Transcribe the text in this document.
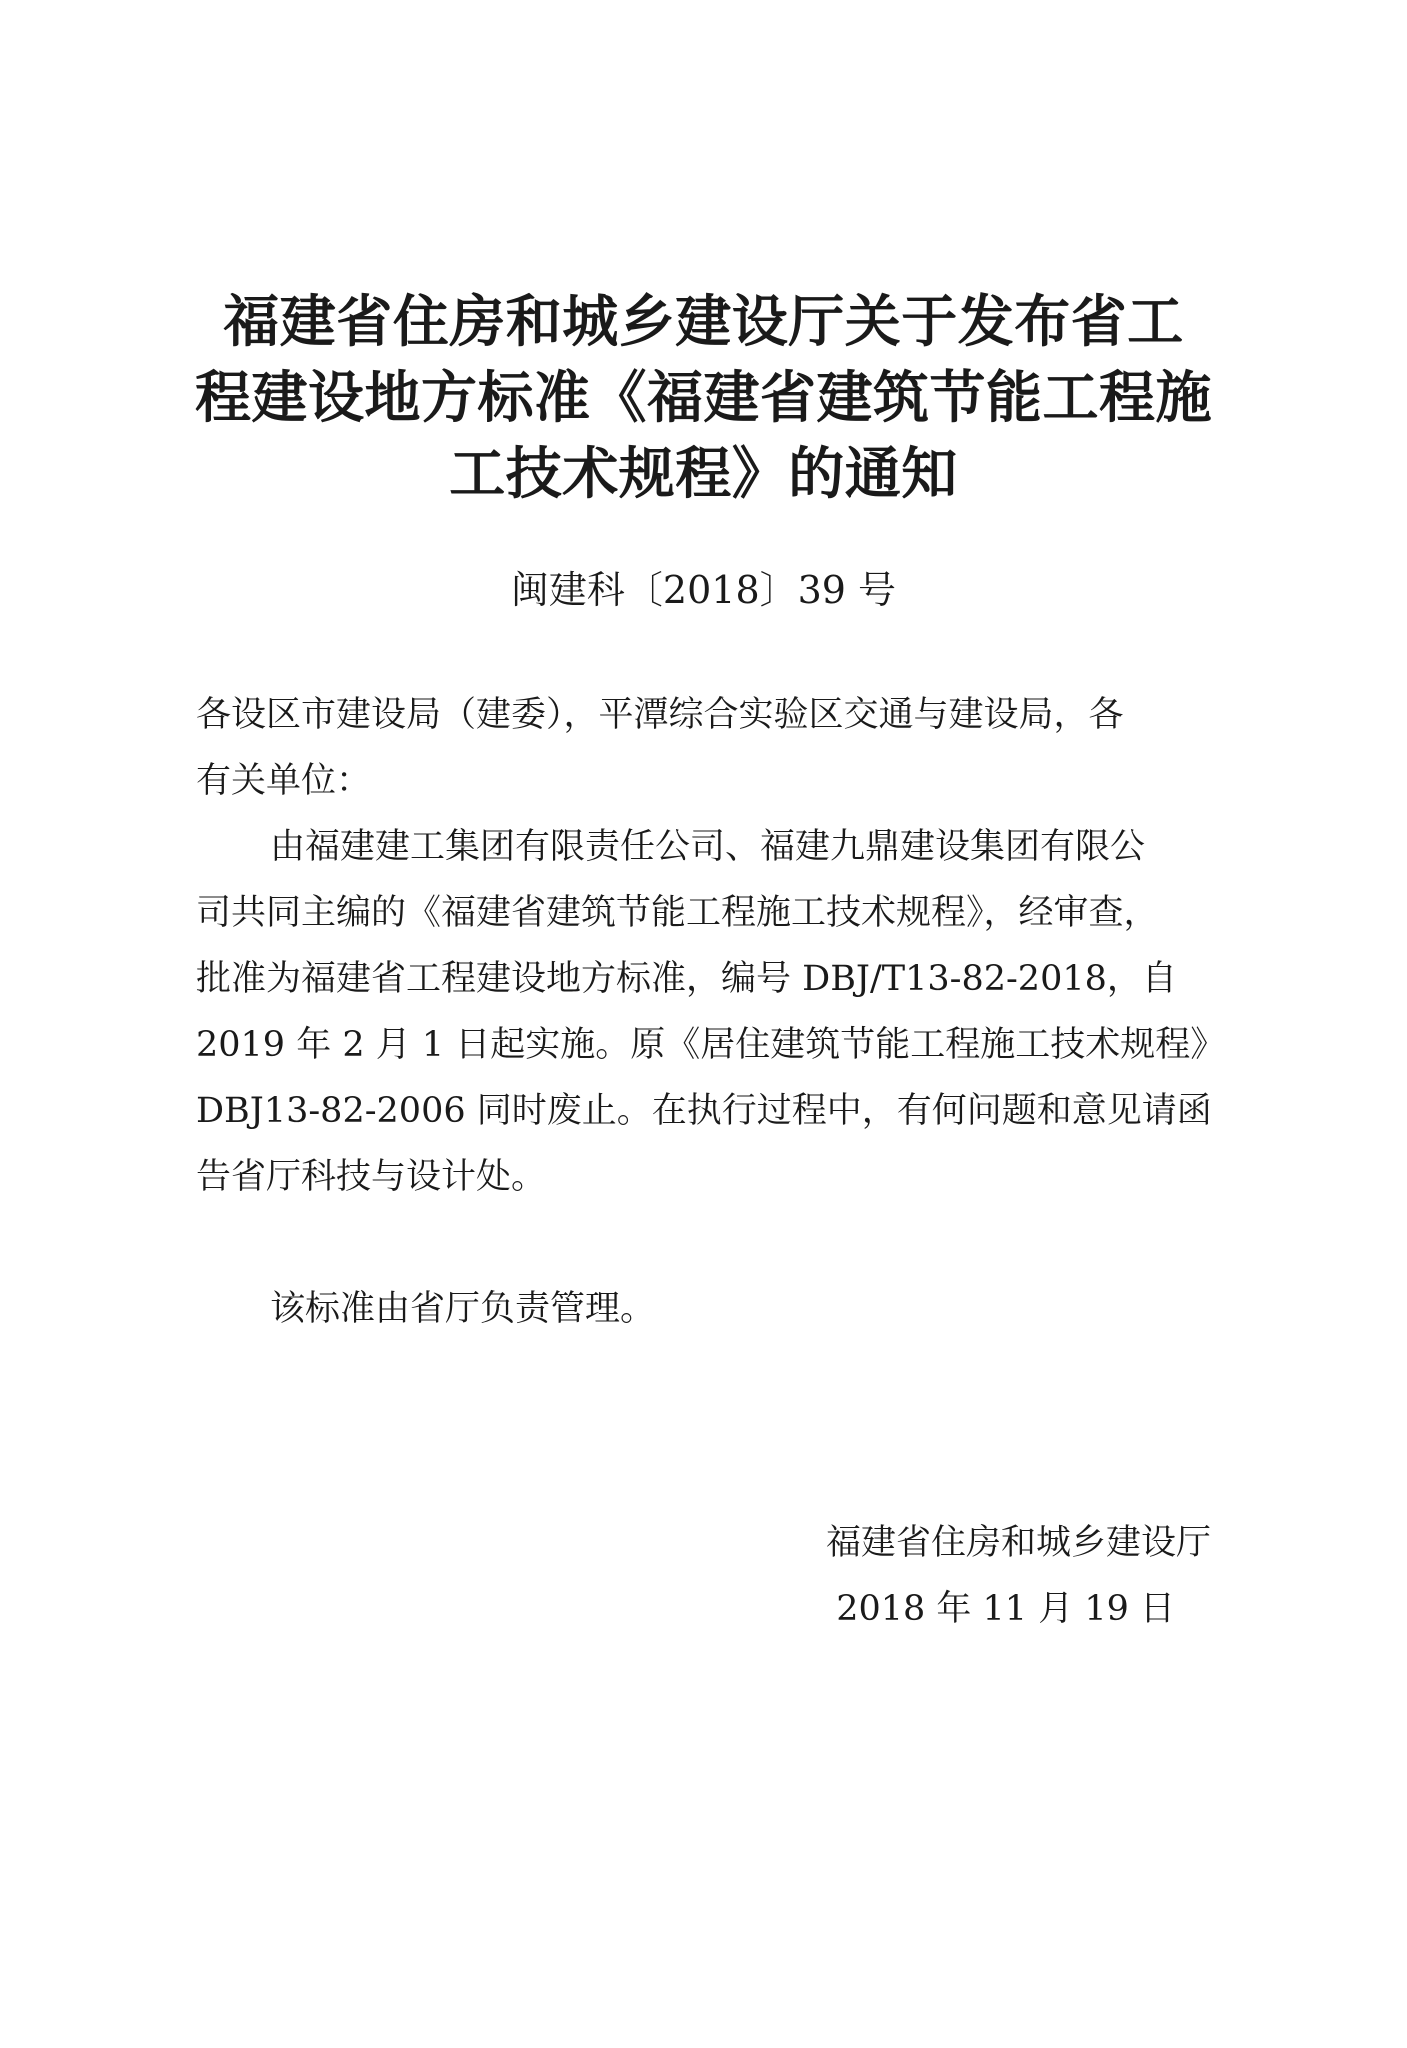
福建省住房和城乡建设厅关于发布省工
程建设地方标准《福建省建筑节能工程施
工技术规程》的通知
闽建科〔2018〕39 号
各设区市建设局（建委），平潭综合实验区交通与建设局，各
有关单位：
由福建建工集团有限责任公司、福建九鼎建设集团有限公
司共同主编的《福建省建筑节能工程施工技术规程》，经审查，
批准为福建省工程建设地方标准，编号 DBJ/T13-82-2018，自
2019 年 2 月 1 日起实施。原《居住建筑节能工程施工技术规程》
DBJ13-82-2006 同时废止。在执行过程中，有何问题和意见请函
告省厅科技与设计处。
该标准由省厅负责管理。
福建省住房和城乡建设厅
2018 年 11 月 19 日
